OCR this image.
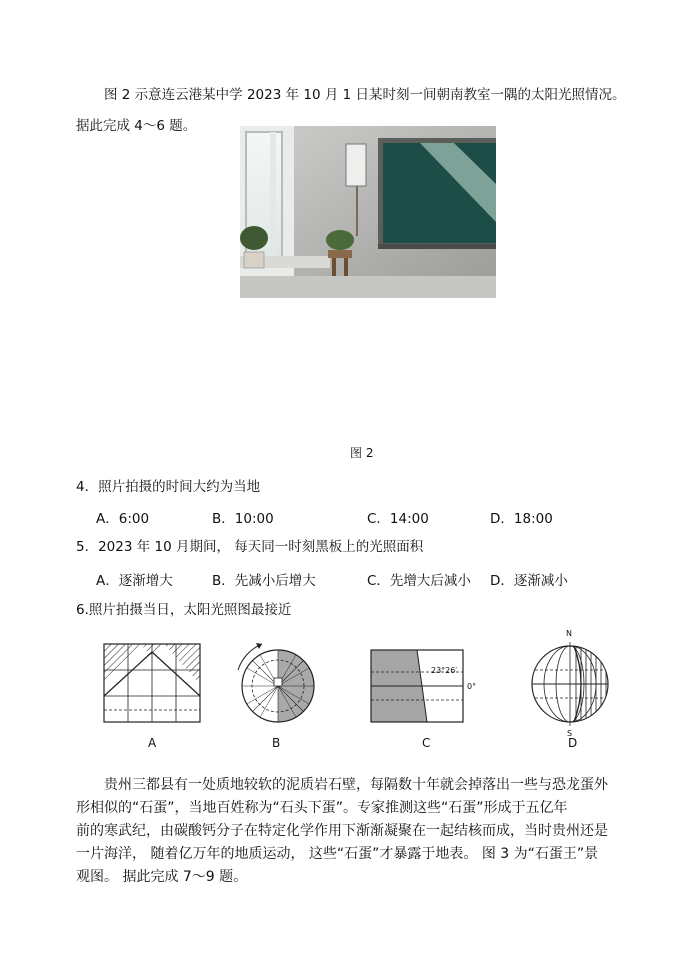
图 2 示意连云港某中学 2023 年 10 月 1 日某时刻一间朝南教室一隅的太阳光照情况。
据此完成 4～6 题。
图 2
4．照片拍摄的时间大约为当地
A．6:00	B．10:00	C．14:00	D．18:00
5．2023 年 10 月期间， 每天同一时刻黑板上的光照面积
A．逐渐增大	B．先减小后增大	C．先增大后减小 D．逐渐减小
6.照片拍摄当日，太阳光照图最接近
A	B
23°26′
0°
C
N
S
D
贵州三都县有一处质地较软的泥质岩石壁，每隔数十年就会掉落出一些与恐龙蛋外
形相似的“石蛋”，当地百姓称为“石头下蛋”。专家推测这些“石蛋”形成于五亿年
前的寒武纪，由碳酸钙分子在特定化学作用下渐渐凝聚在一起结核而成，当时贵州还是
一片海洋， 随着亿万年的地质运动， 这些“石蛋”才暴露于地表。 图 3 为“石蛋王”景
观图。 据此完成 7～9 题。
